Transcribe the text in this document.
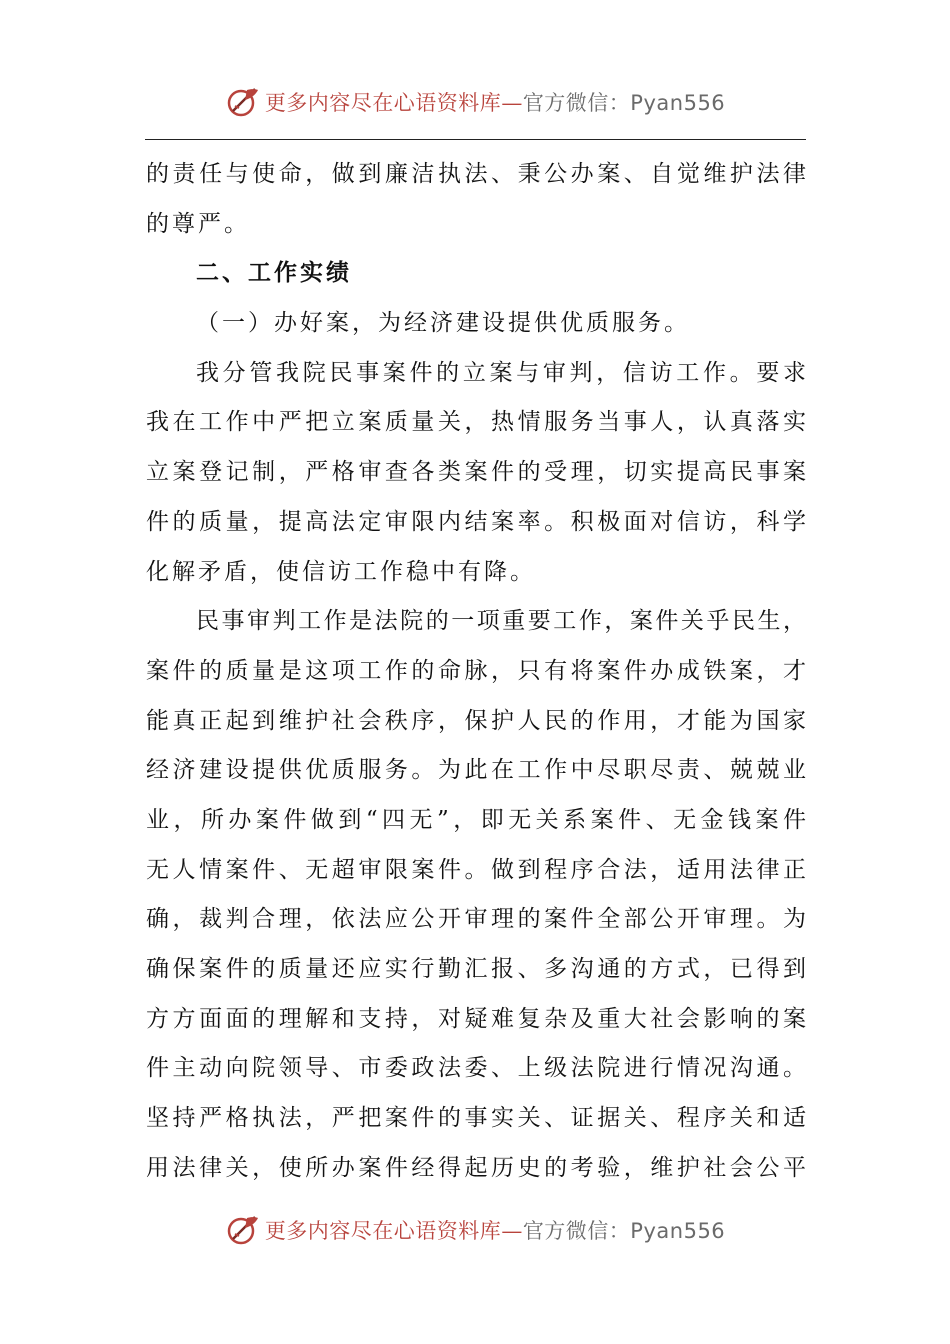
更多内容尽在心语资料库—官方微信：Pyan556
的责任与使命，做到廉洁执法、秉公办案、自觉维护法律
的尊严。
二、工作实绩
（一）办好案，为经济建设提供优质服务。
我分管我院民事案件的立案与审判，信访工作。要求
我在工作中严把立案质量关，热情服务当事人，认真落实
立案登记制，严格审查各类案件的受理，切实提高民事案
件的质量，提高法定审限内结案率。积极面对信访，科学
化解矛盾，使信访工作稳中有降。
民事审判工作是法院的一项重要工作，案件关乎民生，
案件的质量是这项工作的命脉，只有将案件办成铁案，才
能真正起到维护社会秩序，保护人民的作用，才能为国家
经济建设提供优质服务。为此在工作中尽职尽责、兢兢业
业，所办案件做到“四无”，即无关系案件、无金钱案件
无人情案件、无超审限案件。做到程序合法，适用法律正
确，裁判合理，依法应公开审理的案件全部公开审理。为
确保案件的质量还应实行勤汇报、多沟通的方式，已得到
方方面面的理解和支持，对疑难复杂及重大社会影响的案
件主动向院领导、市委政法委、上级法院进行情况沟通。
坚持严格执法，严把案件的事实关、证据关、程序关和适
用法律关，使所办案件经得起历史的考验，维护社会公平
更多内容尽在心语资料库—官方微信：Pyan556
